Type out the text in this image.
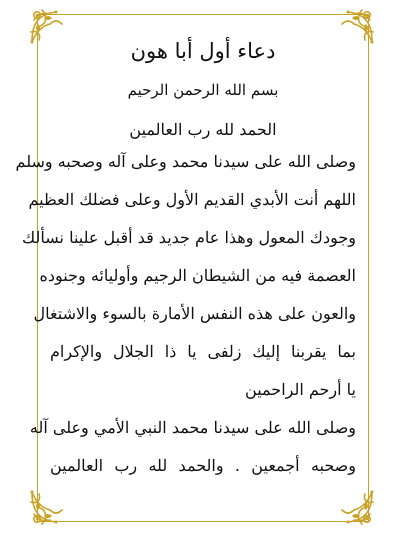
دعاء أول أبا هون
بسم الله الرحمن الرحيم
الحمد لله رب العالمين
وصلى الله على سيدنا محمد وعلى آله وصحبه وسلم
اللهم أنت الأبدي القديم الأول وعلى فضلك العظيم
وجودك المعول وهذا عام جديد قد أقبل علينا نسألك
العصمة فيه من الشيطان الرجيم وأوليائه وجنوده
والعون على هذه النفس الأمارة بالسوء والاشتغال
بما يقربنا إليك زلفى يا ذا الجلال والإكرام
يا أرحم الراحمين
وصلى الله على سيدنا محمد النبي الأمي وعلى آله
وصحبه أجمعين . والحمد لله رب العالمين
